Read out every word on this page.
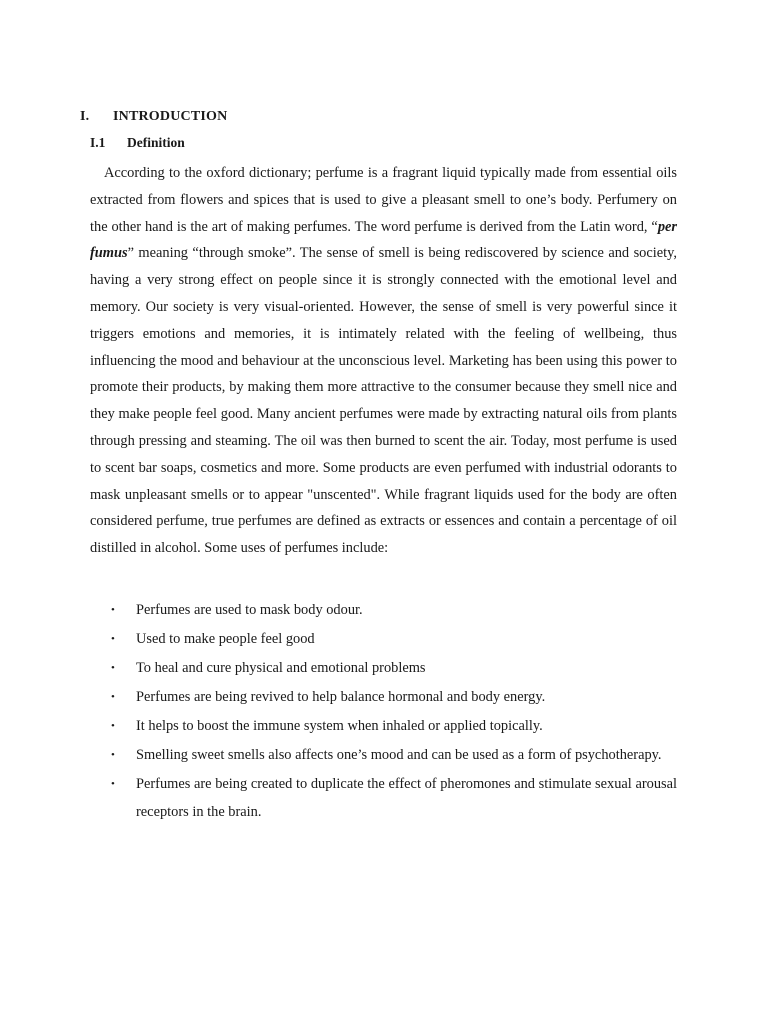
I. INTRODUCTION
I.1 Definition

According to the oxford dictionary; perfume is a fragrant liquid typically made from essential oils extracted from flowers and spices that is used to give a pleasant smell to one’s body. Perfumery on the other hand is the art of making perfumes. The word perfume is derived from the Latin word, “per fumus” meaning “through smoke”. The sense of smell is being rediscovered by science and society, having a very strong effect on people since it is strongly connected with the emotional level and memory. Our society is very visual-oriented. However, the sense of smell is very powerful since it triggers emotions and memories, it is intimately related with the feeling of wellbeing, thus influencing the mood and behaviour at the unconscious level. Marketing has been using this power to promote their products, by making them more attractive to the consumer because they smell nice and they make people feel good. Many ancient perfumes were made by extracting natural oils from plants through pressing and steaming. The oil was then burned to scent the air. Today, most perfume is used to scent bar soaps, cosmetics and more. Some products are even perfumed with industrial odorants to mask unpleasant smells or to appear "unscented". While fragrant liquids used for the body are often considered perfume, true perfumes are defined as extracts or essences and contain a percentage of oil distilled in alcohol. Some uses of perfumes include:

• Perfumes are used to mask body odour.
• Used to make people feel good
• To heal and cure physical and emotional problems
• Perfumes are being revived to help balance hormonal and body energy.
• It helps to boost the immune system when inhaled or applied topically.
• Smelling sweet smells also affects one’s mood and can be used as a form of psychotherapy.
• Perfumes are being created to duplicate the effect of pheromones and stimulate sexual arousal receptors in the brain.
